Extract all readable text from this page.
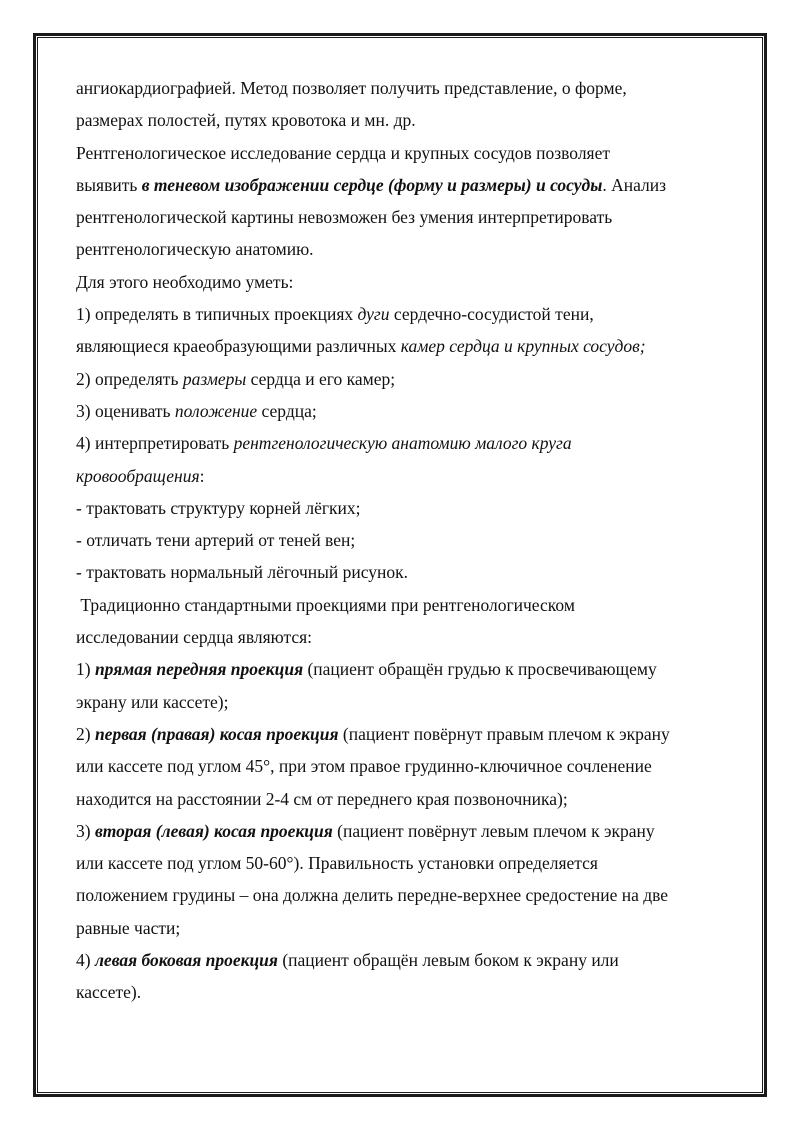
ангиокардиографией. Метод позволяет получить представление, о форме,
размерах полостей, путях кровотока и мн. др.
Рентгенологическое исследование сердца и крупных сосудов позволяет
выявить в теневом изображении сердце (форму и размеры) и сосуды. Анализ
рентгенологической картины невозможен без умения интерпретировать
рентгенологическую анатомию.
Для этого необходимо уметь:
1) определять в типичных проекциях дуги сердечно-сосудистой тени,
являющиеся краеобразующими различных камер сердца и крупных сосудов;
2) определять размеры сердца и его камер;
3) оценивать положение сердца;
4) интерпретировать рентгенологическую анатомию малого круга
кровообращения:
- трактовать структуру корней лёгких;
- отличать тени артерий от теней вен;
- трактовать нормальный лёгочный рисунок.
Традиционно стандартными проекциями при рентгенологическом
исследовании сердца являются:
1) прямая передняя проекция (пациент обращён грудью к просвечивающему
экрану или кассете);
2) первая (правая) косая проекция (пациент повёрнут правым плечом к экрану
или кассете под углом 45°, при этом правое грудинно-ключичное сочленение
находится на расстоянии 2-4 см от переднего края позвоночника);
3) вторая (левая) косая проекция (пациент повёрнут левым плечом к экрану
или кассете под углом 50-60°). Правильность установки определяется
положением грудины – она должна делить передне-верхнее средостение на две
равные части;
4) левая боковая проекция (пациент обращён левым боком к экрану или
кассете).
